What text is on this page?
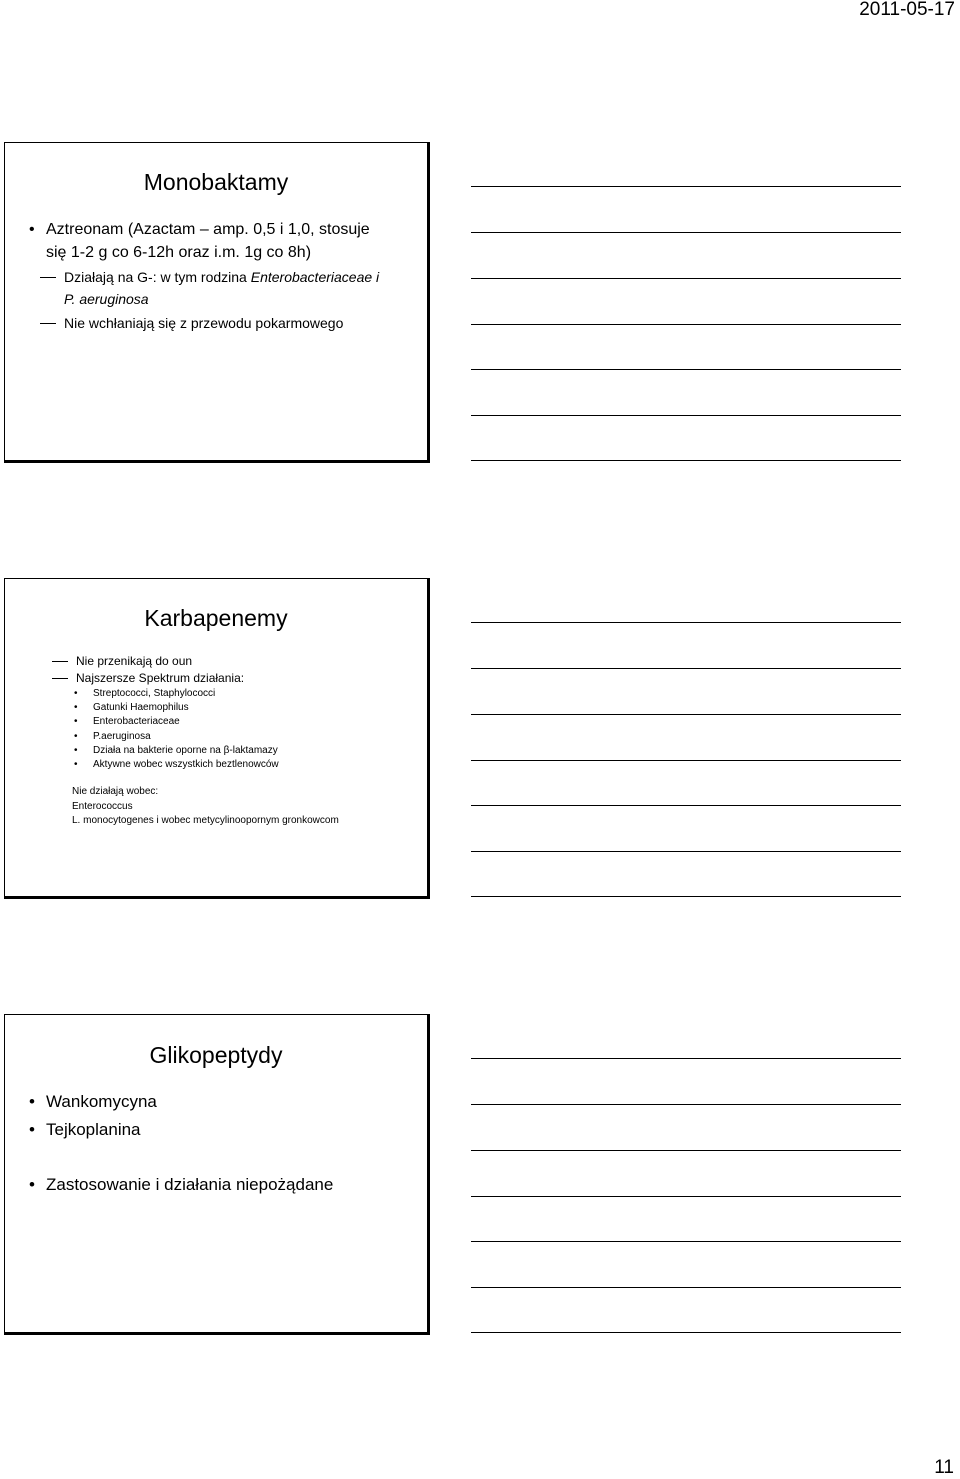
2011-05-17
Monobaktamy
• Aztreonam (Azactam – amp. 0,5 i 1,0, stosuje
się 1-2 g co 6-12h oraz i.m. 1g co 8h)
Działają na G-: w tym rodzina Enterobacteriaceae i
P. aeruginosa
Nie wchłaniają się z przewodu pokarmowego
Karbapenemy
Nie przenikają do oun
Najszersze Spektrum działania:
• Streptococci, Staphylococci
• Gatunki Haemophilus
• Enterobacteriaceae
• P.aeruginosa
• Działa na bakterie oporne na β-laktamazy
• Aktywne wobec wszystkich beztlenowców
Nie działają wobec:
Enterococcus
L. monocytogenes i wobec metycylinoopornym gronkowcom
Glikopeptydy
• Wankomycyna
• Tejkoplanina
• Zastosowanie i działania niepożądane
11
